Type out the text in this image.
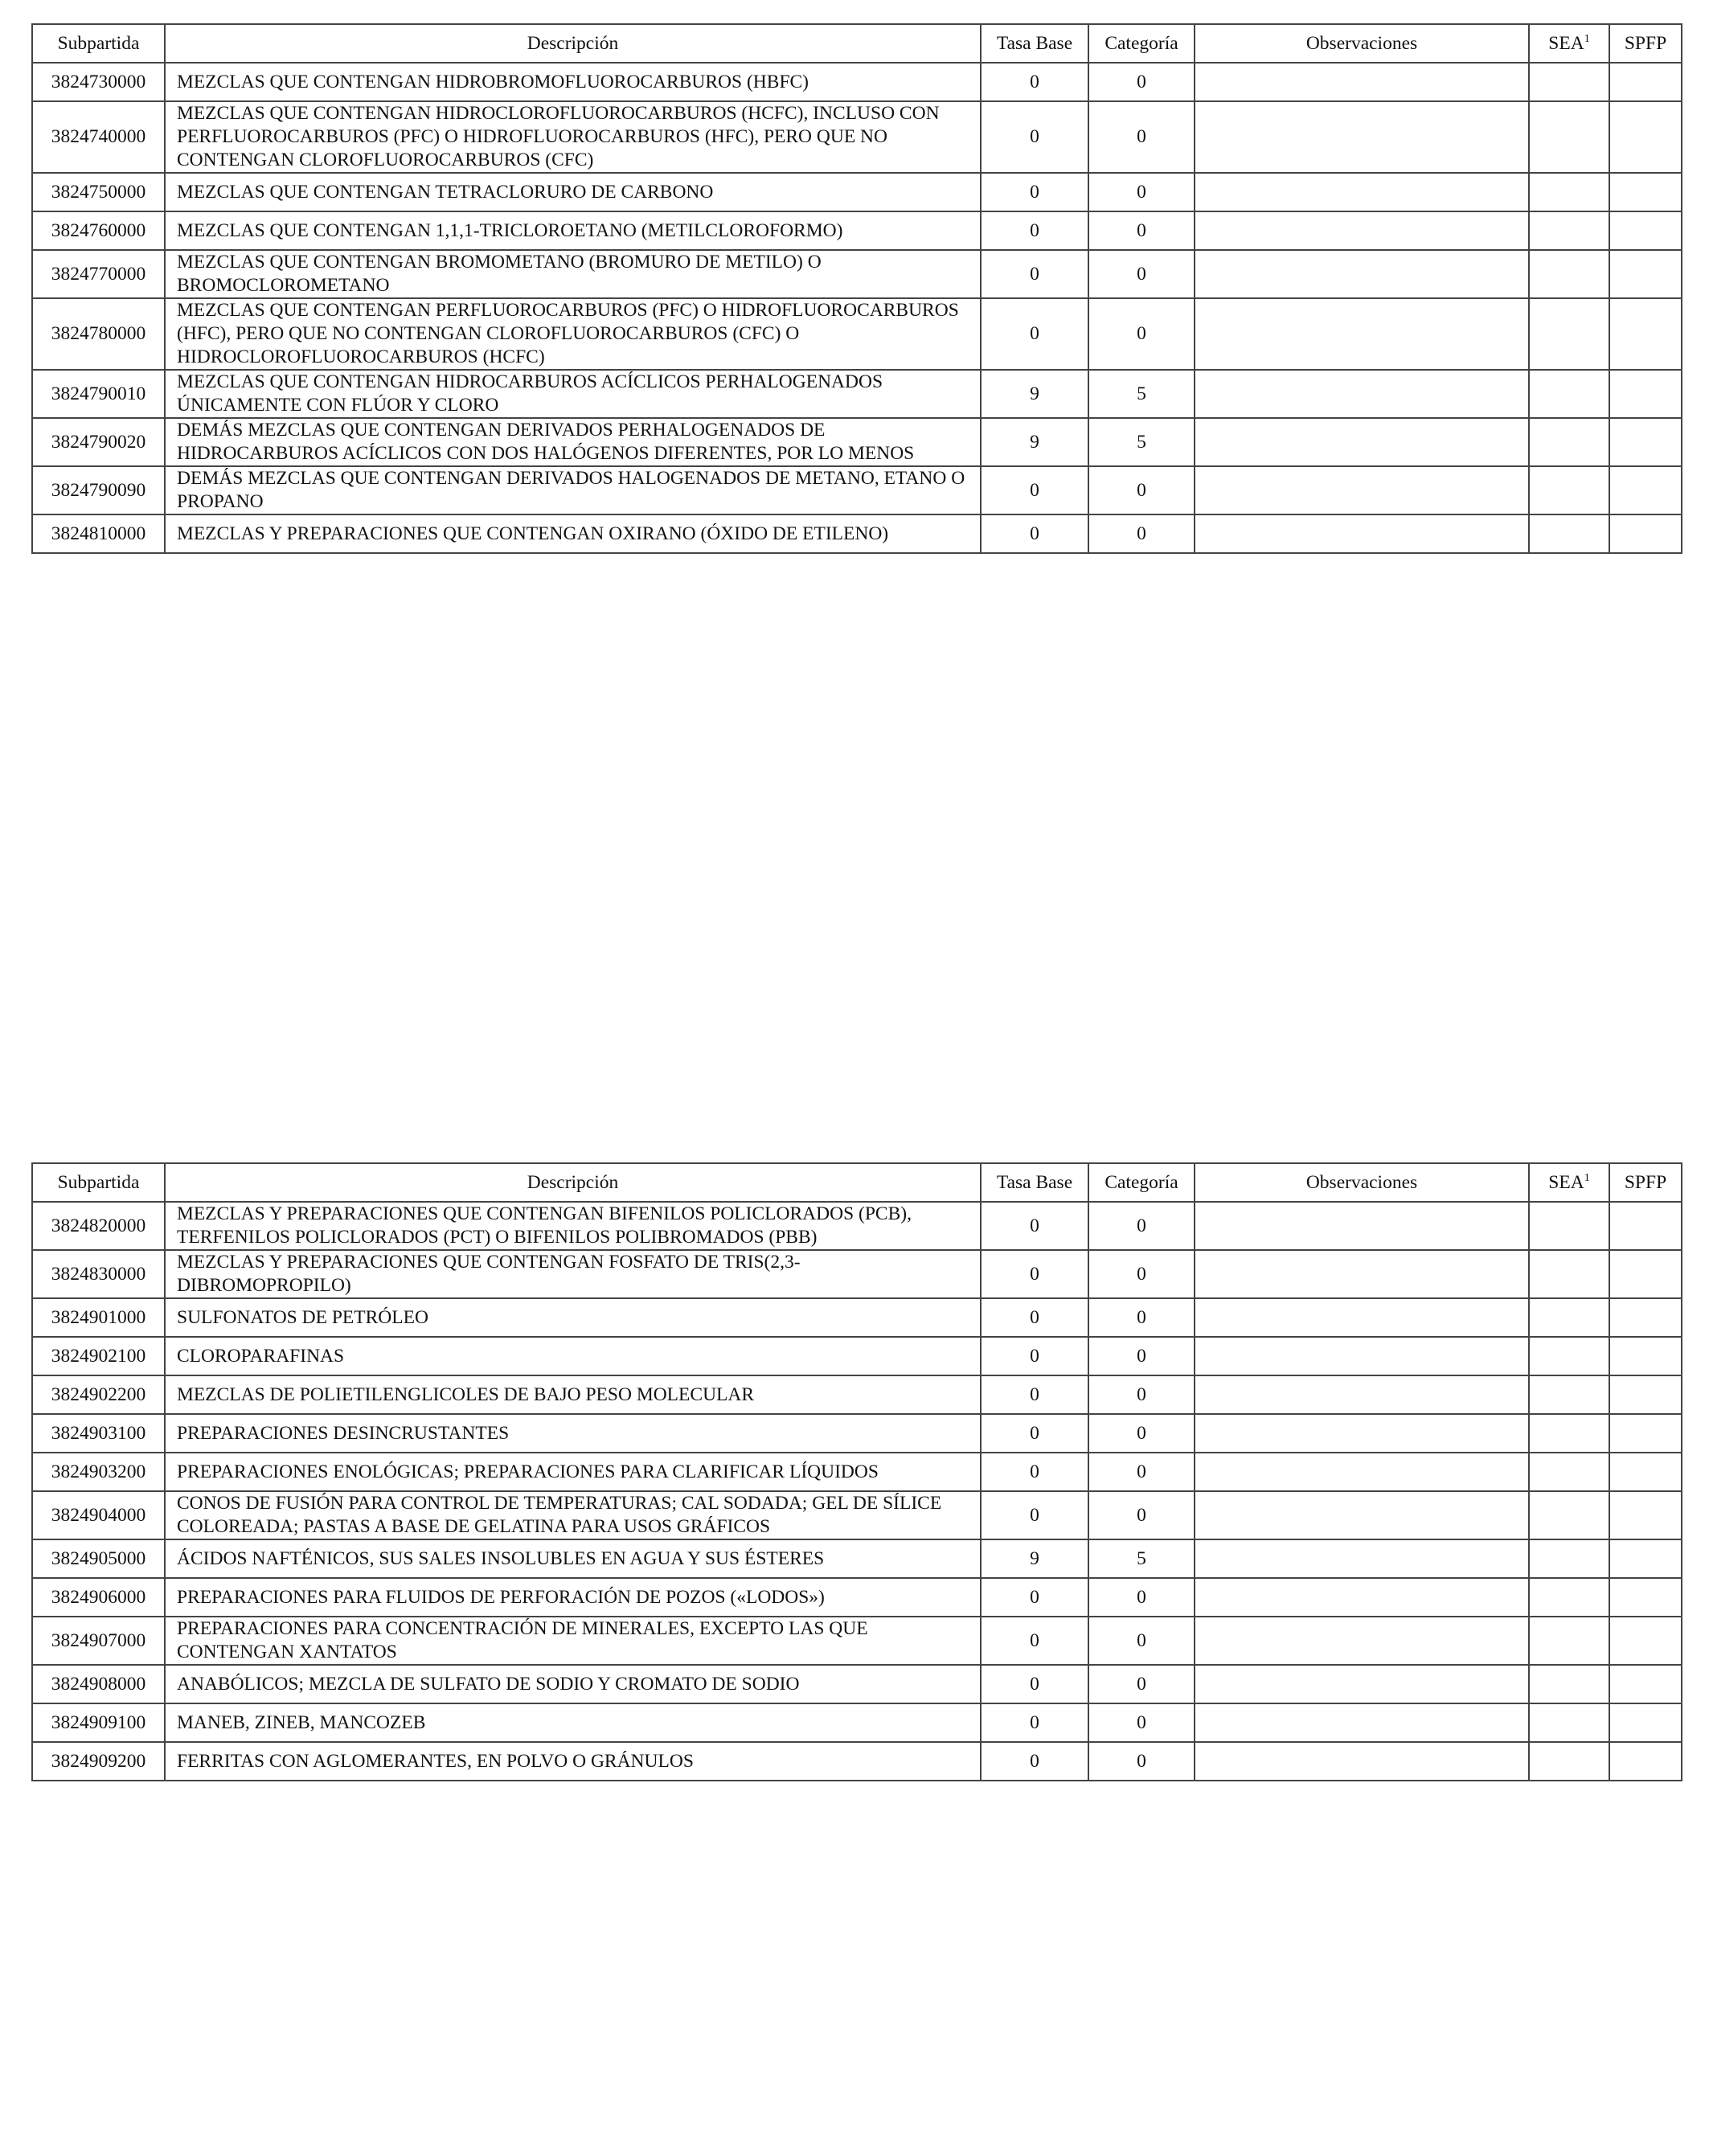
Subpartida	Descripción	Tasa Base	Categoría	Observaciones	SEA$^1$	SPFP
3824730000	MEZCLAS QUE CONTENGAN HIDROBROMOFLUOROCARBUROS (HBFC)	0	0			
3824740000	MEZCLAS QUE CONTENGAN HIDROCLOROFLUOROCARBUROS (HCFC), INCLUSO CON PERFLUOROCARBUROS (PFC) O HIDROFLUOROCARBUROS (HFC), PERO QUE NO CONTENGAN CLOROFLUOROCARBUROS (CFC)	0	0			
3824750000	MEZCLAS QUE CONTENGAN TETRACLORURO DE CARBONO	0	0			
3824760000	MEZCLAS QUE CONTENGAN 1,1,1-TRICLOROETANO (METILCLOROFORMO)	0	0			
3824770000	MEZCLAS QUE CONTENGAN BROMOMETANO (BROMURO DE METILO) O BROMOCLOROMETANO	0	0			
3824780000	MEZCLAS QUE CONTENGAN PERFLUOROCARBUROS (PFC) O HIDROFLUOROCARBUROS (HFC), PERO QUE NO CONTENGAN CLOROFLUOROCARBUROS (CFC) O HIDROCLOROFLUOROCARBUROS (HCFC)	0	0			
3824790010	MEZCLAS QUE CONTENGAN HIDROCARBUROS ACÍCLICOS PERHALOGENADOS ÚNICAMENTE CON FLÚOR Y CLORO	9	5			
3824790020	DEMÁS MEZCLAS QUE CONTENGAN DERIVADOS PERHALOGENADOS DE HIDROCARBUROS ACÍCLICOS CON DOS HALÓGENOS DIFERENTES, POR LO MENOS	9	5			
3824790090	DEMÁS MEZCLAS QUE CONTENGAN DERIVADOS HALOGENADOS DE METANO, ETANO O PROPANO	0	0			
3824810000	MEZCLAS Y PREPARACIONES QUE CONTENGAN OXIRANO (ÓXIDO DE ETILENO)	0	0			
Subpartida	Descripción	Tasa Base	Categoría	Observaciones	SEA$^1$	SPFP
3824820000	MEZCLAS Y PREPARACIONES QUE CONTENGAN BIFENILOS POLICLORADOS (PCB), TERFENILOS POLICLORADOS (PCT) O BIFENILOS POLIBROMADOS (PBB)	0	0			
3824830000	MEZCLAS Y PREPARACIONES QUE CONTENGAN FOSFATO DE TRIS(2,3-DIBROMOPROPILO)	0	0			
3824901000	SULFONATOS DE PETRÓLEO	0	0			
3824902100	CLOROPARAFINAS	0	0			
3824902200	MEZCLAS DE POLIETILENGLICOLES DE BAJO PESO MOLECULAR	0	0			
3824903100	PREPARACIONES DESINCRUSTANTES	0	0			
3824903200	PREPARACIONES ENOLÓGICAS; PREPARACIONES PARA CLARIFICAR LÍQUIDOS	0	0			
3824904000	CONOS DE FUSIÓN PARA CONTROL DE TEMPERATURAS; CAL SODADA; GEL DE SÍLICE COLOREADA; PASTAS A BASE DE GELATINA PARA USOS GRÁFICOS	0	0			
3824905000	ÁCIDOS NAFTÉNICOS, SUS SALES INSOLUBLES EN AGUA Y SUS ÉSTERES	9	5			
3824906000	PREPARACIONES PARA FLUIDOS DE PERFORACIÓN DE POZOS («LODOS»)	0	0			
3824907000	PREPARACIONES PARA CONCENTRACIÓN DE MINERALES, EXCEPTO LAS QUE CONTENGAN XANTATOS	0	0			
3824908000	ANABÓLICOS; MEZCLA DE SULFATO DE SODIO Y CROMATO DE SODIO	0	0			
3824909100	MANEB, ZINEB, MANCOZEB	0	0			
3824909200	FERRITAS CON AGLOMERANTES, EN POLVO O GRÁNULOS	0	0			
